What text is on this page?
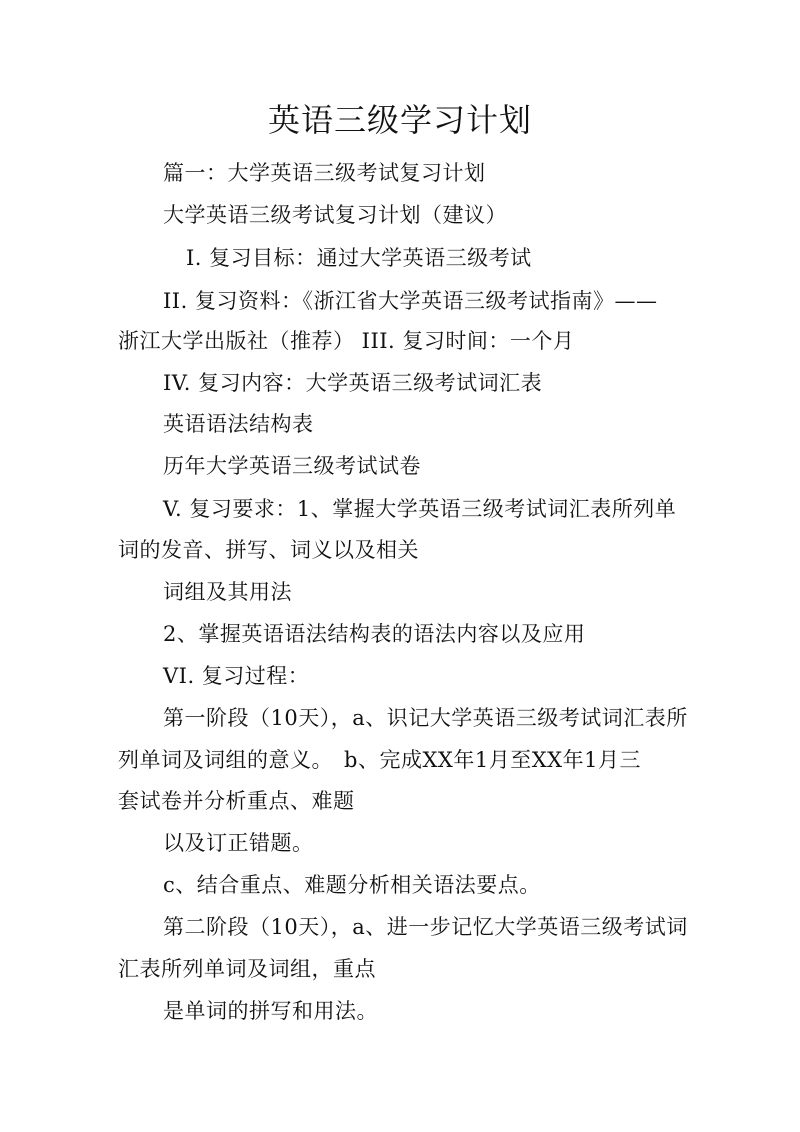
英语三级学习计划
篇一：大学英语三级考试复习计划
大学英语三级考试复习计划（建议）
I. 复习目标：通过大学英语三级考试
II. 复习资料：《浙江省大学英语三级考试指南》——
浙江大学出版社（推荐） III. 复习时间：一个月
IV. 复习内容：大学英语三级考试词汇表
英语语法结构表
历年大学英语三级考试试卷
V. 复习要求：1、掌握大学英语三级考试词汇表所列单
词的发音、拼写、词义以及相关
词组及其用法
2、掌握英语语法结构表的语法内容以及应用
VI. 复习过程：
第一阶段（10天），a、识记大学英语三级考试词汇表所
列单词及词组的意义。　b、完成XX年1月至XX年1月三
套试卷并分析重点、难题
以及订正错题。
c、结合重点、难题分析相关语法要点。
第二阶段（10天），a、进一步记忆大学英语三级考试词
汇表所列单词及词组，重点
是单词的拼写和用法。
